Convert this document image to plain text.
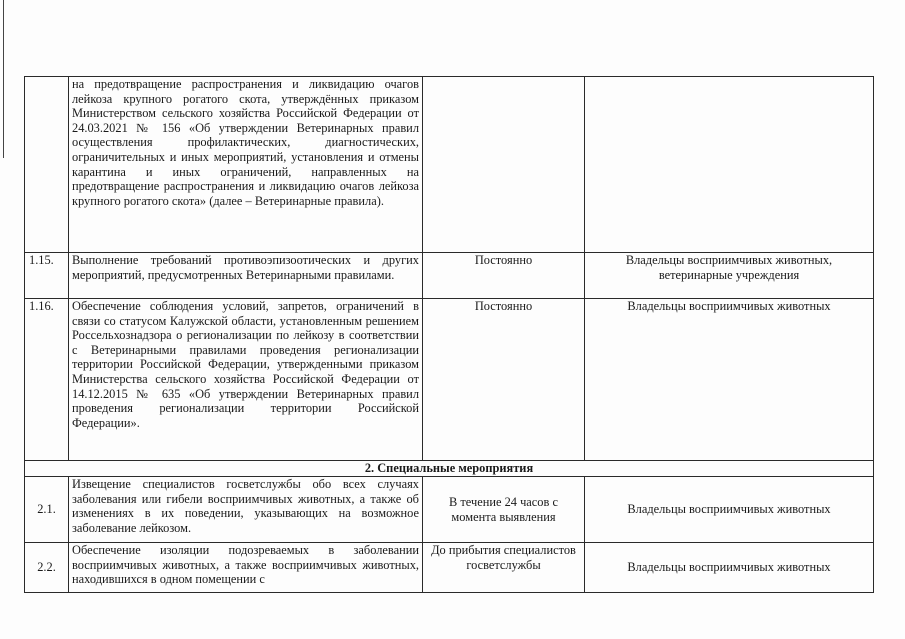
	на предотвращение распространения и ликвидацию очагов лейкоза крупного рогатого скота, утверждённых приказом Министерством сельского хозяйства Российской Федерации от 24.03.2021 № 156 «Об утверждении Ветеринарных правил осуществления профилактических, диагностических, ограничительных и иных мероприятий, установления и отмены карантина и иных ограничений, направленных на предотвращение распространения и ликвидацию очагов лейкоза крупного рогатого скота» (далее – Ветеринарные правила).		
1.15.	Выполнение требований противоэпизоотических и других мероприятий, предусмотренных Ветеринарными правилами.	Постоянно	Владельцы восприимчивых животных, ветеринарные учреждения
1.16.	Обеспечение соблюдения условий, запретов, ограничений в связи со статусом Калужской области, установленным решением Россельхознадзора о регионализации по лейкозу в соответствии с Ветеринарными правилами проведения регионализации территории Российской Федерации, утвержденными приказом Министерства сельского хозяйства Российской Федерации от 14.12.2015 № 635 «Об утверждении Ветеринарных правил проведения регионализации территории Российской Федерации».	Постоянно	Владельцы восприимчивых животных
2. Специальные мероприятия			
2.1.	Извещение специалистов госветслужбы обо всех случаях заболевания или гибели восприимчивых животных, а также об изменениях в их поведении, указывающих на возможное заболевание лейкозом.	В течение 24 часов с момента выявления	Владельцы восприимчивых животных
2.2.	Обеспечение изоляции подозреваемых в заболевании восприимчивых животных, а также восприимчивых животных, находившихся в одном помещении с	До прибытия специалистов госветслужбы	Владельцы восприимчивых животных
